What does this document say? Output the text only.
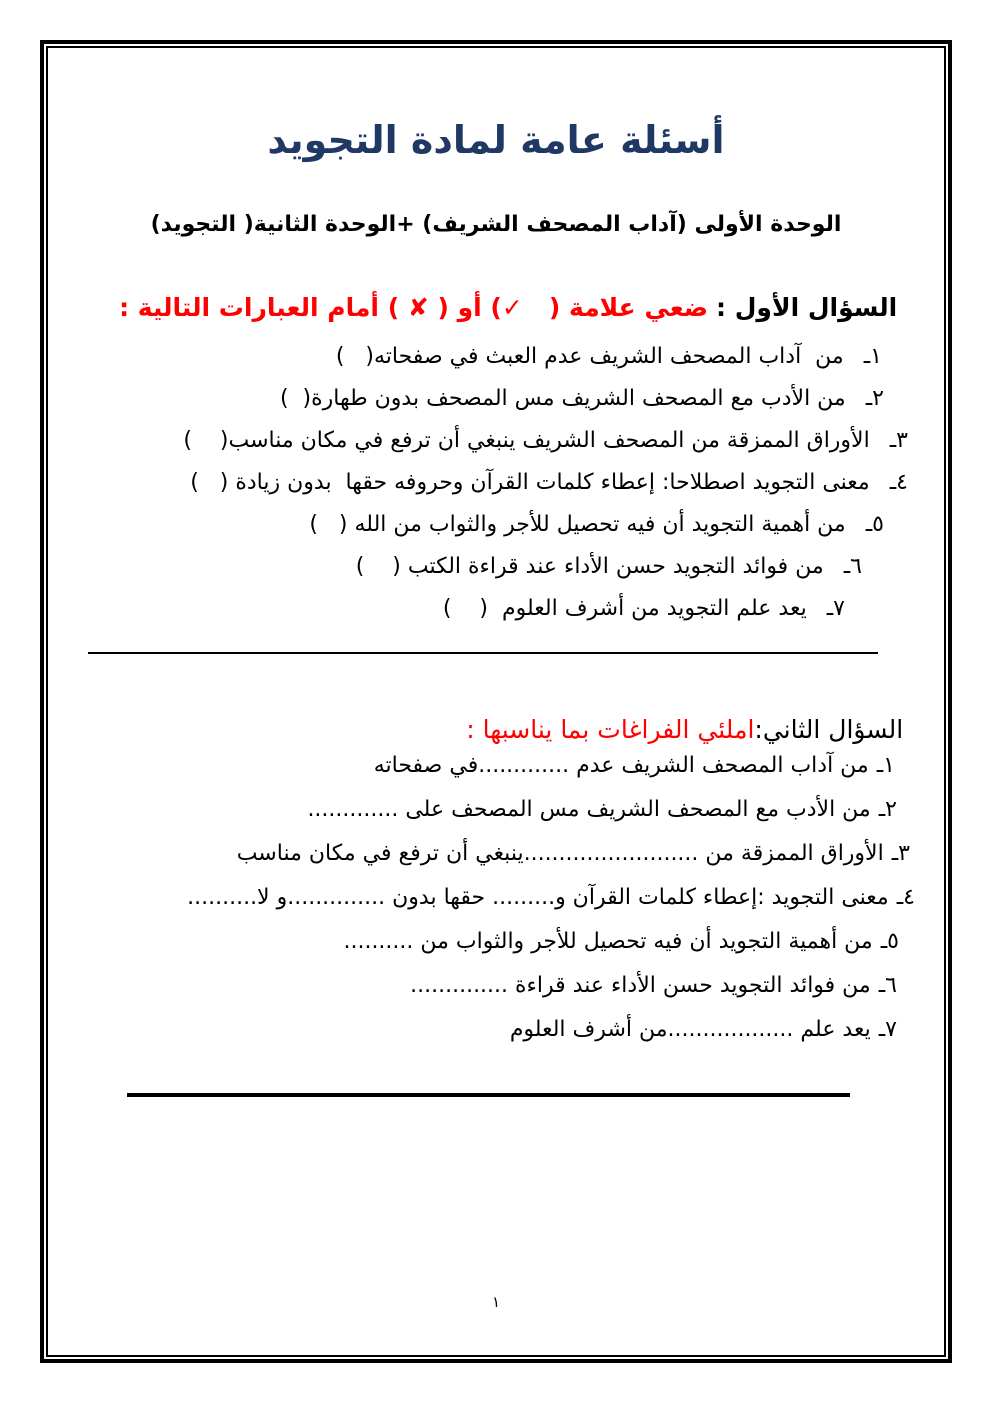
أسئلة عامة لمادة التجويد
الوحدة الأولى (آداب المصحف الشريف) +الوحدة الثانية( التجويد)

السؤال الأول :ضعي علامة (   ✓) أو ( ✘ ) أمام العبارات التالية :

١ـمن  آداب المصحف الشريف عدم العبث في صفحاته(   )
٢ـمن الأدب مع المصحف الشريف مس المصحف بدون طهارة(  )
٣ـالأوراق الممزقة من المصحف الشريف ينبغي أن ترفع في مكان مناسب(    )
٤ـمعنى التجويد اصطلاحا: إعطاء كلمات القرآن وحروفه حقها  بدون زيادة (   )
٥ـمن أهمية التجويد أن فيه تحصيل للأجر والثواب من الله (   )
٦ـمن فوائد التجويد حسن الأداء عند قراءة الكتب (    )
٧ـيعد علم التجويد من أشرف العلوم  (    )

السؤال الثاني:املئي الفراغات بما يناسبها :

١ـمن آداب المصحف الشريف عدم .............في صفحاته
٢ـمن الأدب مع المصحف الشريف مس المصحف على .............
٣ـالأوراق الممزقة من .........................ينبغي أن ترفع في مكان مناسب
٤ـمعنى التجويد :إعطاء كلمات القرآن و......... حقها بدون ..............و لا..........
٥ـمن أهمية التجويد أن فيه تحصيل للأجر والثواب من ..........
٦ـمن فوائد التجويد حسن الأداء عند قراءة ..............
٧ـيعد علم ..................من أشرف العلوم
١
